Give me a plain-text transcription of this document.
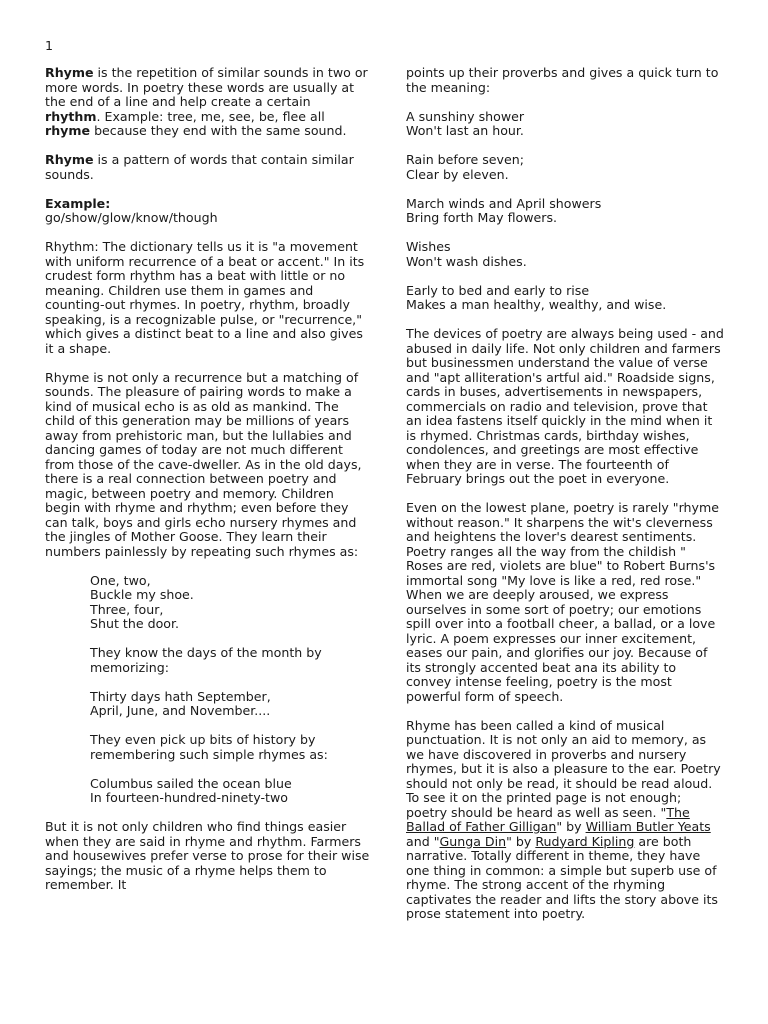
1

Rhyme is the repetition of similar sounds in two or more words. In poetry these words are usually at the end of a line and help create a certain rhythm. Example: tree, me, see, be, flee all rhyme because they end with the same sound.

Rhyme is a pattern of words that contain similar sounds.

Example:
go/show/glow/know/though

Rhythm: The dictionary tells us it is "a movement with uniform recurrence of a beat or accent." In its crudest form rhythm has a beat with little or no meaning. Children use them in games and counting-out rhymes. In poetry, rhythm, broadly speaking, is a recognizable pulse, or "recurrence," which gives a distinct beat to a line and also gives it a shape.

Rhyme is not only a recurrence but a matching of sounds. The pleasure of pairing words to make a kind of musical echo is as old as mankind. The child of this generation may be millions of years away from prehistoric man, but the lullabies and dancing games of today are not much different from those of the cave-dweller. As in the old days, there is a real connection between poetry and magic, between poetry and memory. Children begin with rhyme and rhythm; even before they can talk, boys and girls echo nursery rhymes and the jingles of Mother Goose. They learn their numbers painlessly by repeating such rhymes as:

One, two,
Buckle my shoe.
Three, four,
Shut the door.

They know the days of the month by memorizing:

Thirty days hath September,
April, June, and November....

They even pick up bits of history by remembering such simple rhymes as:

Columbus sailed the ocean blue
In fourteen-hundred-ninety-two

But it is not only children who find things easier when they are said in rhyme and rhythm. Farmers and housewives prefer verse to prose for their wise sayings; the music of a rhyme helps them to remember. It

points up their proverbs and gives a quick turn to the meaning:

A sunshiny shower
Won't last an hour.

Rain before seven;
Clear by eleven.

March winds and April showers
Bring forth May flowers.

Wishes
Won't wash dishes.

Early to bed and early to rise
Makes a man healthy, wealthy, and wise.

The devices of poetry are always being used - and abused in daily life. Not only children and farmers but businessmen understand the value of verse and "apt alliteration's artful aid." Roadside signs, cards in buses, advertisements in newspapers, commercials on radio and television, prove that an idea fastens itself quickly in the mind when it is rhymed. Christmas cards, birthday wishes, condolences, and greetings are most effective when they are in verse. The fourteenth of February brings out the poet in everyone.

Even on the lowest plane, poetry is rarely "rhyme without reason." It sharpens the wit's cleverness and heightens the lover's dearest sentiments. Poetry ranges all the way from the childish " Roses are red, violets are blue" to Robert Burns's immortal song "My love is like a red, red rose." When we are deeply aroused, we express ourselves in some sort of poetry; our emotions spill over into a football cheer, a ballad, or a love lyric. A poem expresses our inner excitement, eases our pain, and glorifies our joy. Because of its strongly accented beat ana its ability to convey intense feeling, poetry is the most powerful form of speech.

Rhyme has been called a kind of musical punctuation. It is not only an aid to memory, as we have discovered in proverbs and nursery rhymes, but it is also a pleasure to the ear. Poetry should not only be read, it should be read aloud. To see it on the printed page is not enough; poetry should be heard as well as seen. "The Ballad of Father Gilligan" by William Butler Yeats and "Gunga Din" by Rudyard Kipling are both narrative. Totally different in theme, they have one thing in common: a simple but superb use of rhyme. The strong accent of the rhyming captivates the reader and lifts the story above its prose statement into poetry.
